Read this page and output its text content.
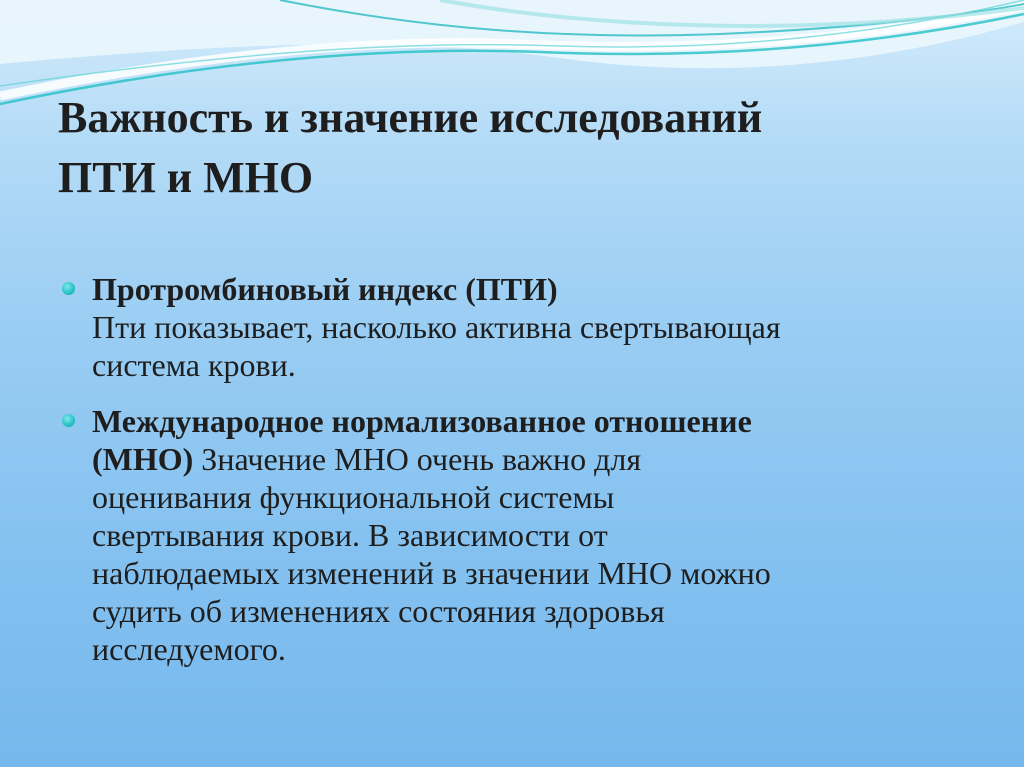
Важность и значение исследований
ПТИ и МНО
Протромбиновый индекс (ПТИ)
Пти показывает, насколько активна свертывающая
система крови.
Международное нормализованное отношение
(МНО) Значение МНО очень важно для
оценивания функциональной системы
свертывания крови. В зависимости от
наблюдаемых изменений в значении МНО можно
судить об изменениях состояния здоровья
исследуемого.
